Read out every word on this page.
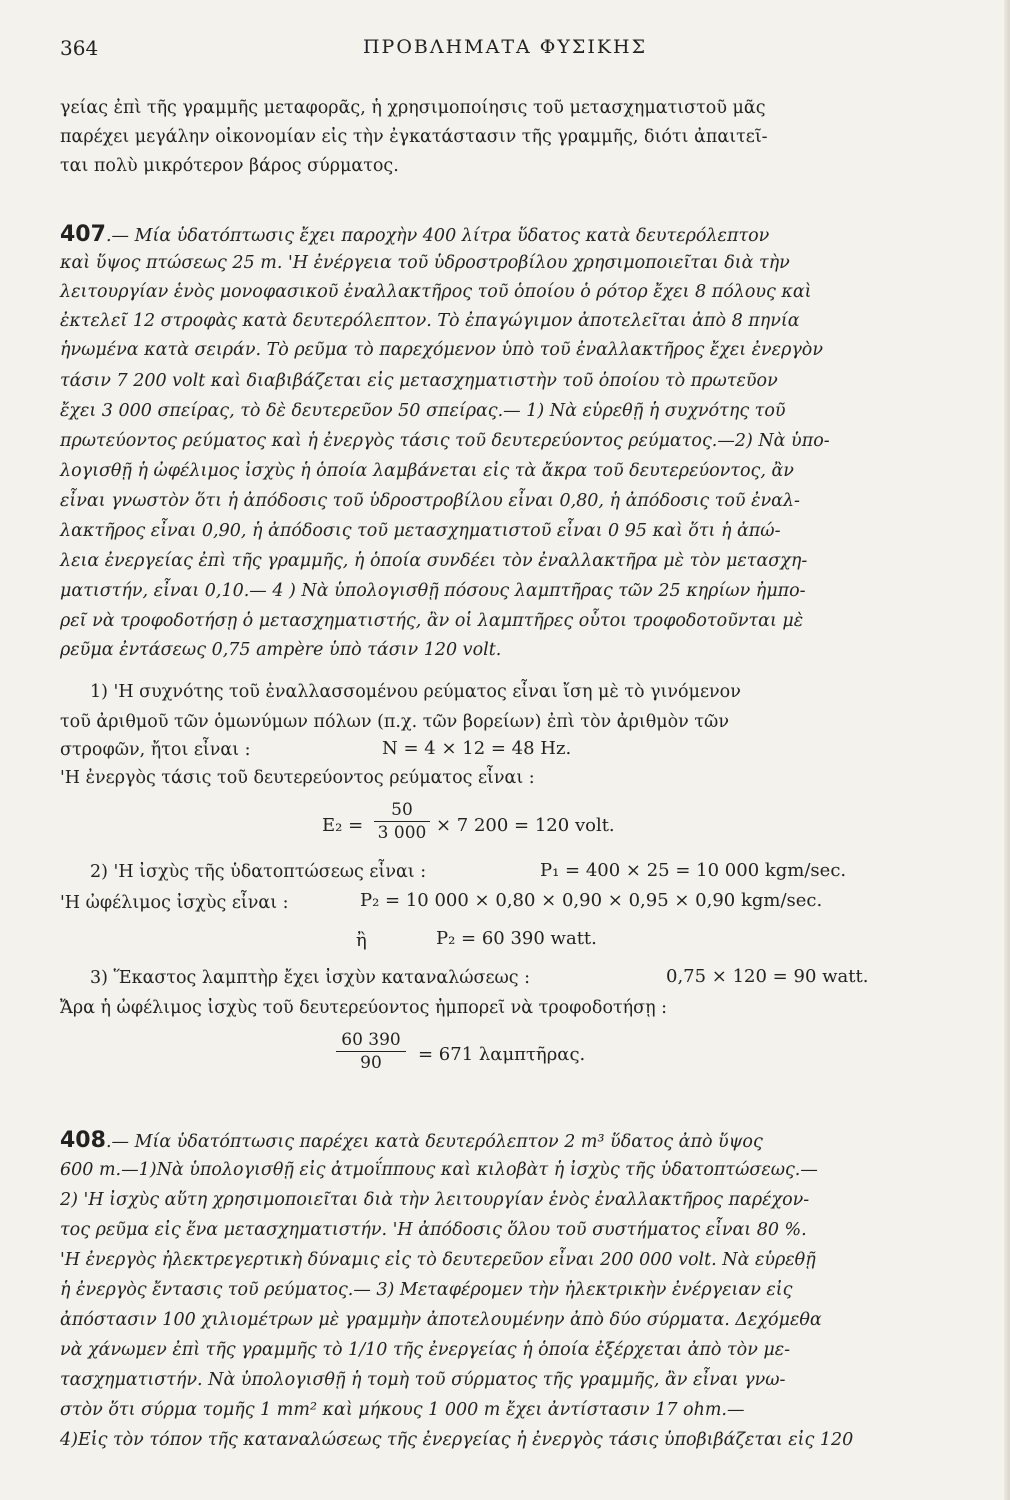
364	ΠΡΟΒΛΗΜΑΤΑ ΦΥΣΙΚΗΣ
γείας ἐπὶ τῆς γραμμῆς μεταφορᾶς, ἡ χρησιμοποίησις τοῦ μετασχηματιστοῦ μᾶς
παρέχει μεγάλην οἰκονομίαν εἰς τὴν ἐγκατάστασιν τῆς γραμμῆς, διότι ἀπαιτεῖ-
ται πολὺ μικρότερον βάρος σύρματος.
407.— Μία ὑδατόπτωσις ἔχει παροχὴν 400 λίτρα ὕδατος κατὰ δευτερόλεπτον
καὶ ὕψος πτώσεως 25 m. 'Η ἐνέργεια τοῦ ὑδροστροβίλου χρησιμοποιεῖται διὰ τὴν
λειτουργίαν ἑνὸς μονοφασικοῦ ἐναλλακτῆρος τοῦ ὁποίου ὁ ρότορ ἔχει 8 πόλους καὶ
ἐκτελεῖ 12 στροφὰς κατὰ δευτερόλεπτον. Τὸ ἐπαγώγιμον ἀποτελεῖται ἀπὸ 8 πηνία
ἡνωμένα κατὰ σειράν. Τὸ ρεῦμα τὸ παρεχόμενον ὑπὸ τοῦ ἐναλλακτῆρος ἔχει ἐνεργὸν
τάσιν 7 200 volt καὶ διαβιβάζεται εἰς μετασχηματιστὴν τοῦ ὁποίου τὸ πρωτεῦον
ἔχει 3 000 σπείρας, τὸ δὲ δευτερεῦον 50 σπείρας.— 1) Νὰ εὑρεθῇ ἡ συχνότης τοῦ
πρωτεύοντος ρεύματος καὶ ἡ ἐνεργὸς τάσις τοῦ δευτερεύοντος ρεύματος.—2) Νὰ ὑπο-
λογισθῇ ἡ ὠφέλιμος ἰσχὺς ἡ ὁποία λαμβάνεται εἰς τὰ ἄκρα τοῦ δευτερεύοντος, ἂν
εἶναι γνωστὸν ὅτι ἡ ἀπόδοσις τοῦ ὑδροστροβίλου εἶναι 0,80, ἡ ἀπόδοσις τοῦ ἐναλ-
λακτῆρος εἶναι 0,90, ἡ ἀπόδοσις τοῦ μετασχηματιστοῦ εἶναι 0 95 καὶ ὅτι ἡ ἀπώ-
λεια ἐνεργείας ἐπὶ τῆς γραμμῆς, ἡ ὁποία συνδέει τὸν ἐναλλακτῆρα μὲ τὸν μετασχη-
ματιστήν, εἶναι 0,10.— 4 ) Νὰ ὑπολογισθῇ πόσους λαμπτῆρας τῶν 25 κηρίων ἠμπο-
ρεῖ νὰ τροφοδοτήσῃ ὁ μετασχηματιστής, ἂν οἱ λαμπτῆρες οὗτοι τροφοδοτοῦνται μὲ
ρεῦμα ἐντάσεως 0,75 ampère ὑπὸ τάσιν 120 volt.
1) 'Η συχνότης τοῦ ἐναλλασσομένου ρεύματος εἶναι ἴση μὲ τὸ γινόμενον
τοῦ ἀριθμοῦ τῶν ὁμωνύμων πόλων (π.χ. τῶν βορείων) ἐπὶ τὸν ἀριθμὸν τῶν
στροφῶν, ἤτοι εἶναι :	N = 4 × 12 = 48 Hz.
'Η ἐνεργὸς τάσις τοῦ δευτερεύοντος ρεύματος εἶναι :
E₂ =
50
3 000 × 7 200 = 120 volt.
2) 'Η ἰσχὺς τῆς ὑδατοπτώσεως εἶναι :	P₁ = 400 × 25 = 10 000 kgm/sec.
'Η ὠφέλιμος ἰσχὺς εἶναι :	P₂ = 10 000 × 0,80 × 0,90 × 0,95 × 0,90 kgm/sec.
ἢ	P₂ = 60 390 watt.
3) Ἕκαστος λαμπτὴρ ἔχει ἰσχὺν καταναλώσεως :	0,75 × 120 = 90 watt.
Ἄρα ἡ ὠφέλιμος ἰσχὺς τοῦ δευτερεύοντος ἠμπορεῖ νὰ τροφοδοτήσῃ :
60 390
90	= 671 λαμπτῆρας.
408.— Μία ὑδατόπτωσις παρέχει κατὰ δευτερόλεπτον 2 m³ ὕδατος ἀπὸ ὕψος
600 m.—1)Νὰ ὑπολογισθῇ εἰς ἀτμοΐππους καὶ κιλοβὰτ ἡ ἰσχὺς τῆς ὑδατοπτώσεως.—
2) 'Η ἰσχὺς αὕτη χρησιμοποιεῖται διὰ τὴν λειτουργίαν ἑνὸς ἐναλλακτῆρος παρέχον-
τος ρεῦμα εἰς ἕνα μετασχηματιστήν. 'Η ἀπόδοσις ὅλου τοῦ συστήματος εἶναι 80 %.
'Η ἐνεργὸς ἠλεκτρεγερτικὴ δύναμις εἰς τὸ δευτερεῦον εἶναι 200 000 volt. Νὰ εὑρεθῇ
ἡ ἐνεργὸς ἔντασις τοῦ ρεύματος.— 3) Μεταφέρομεν τὴν ἠλεκτρικὴν ἐνέργειαν εἰς
ἀπόστασιν 100 χιλιομέτρων μὲ γραμμὴν ἀποτελουμένην ἀπὸ δύο σύρματα. Δεχόμεθα
νὰ χάνωμεν ἐπὶ τῆς γραμμῆς τὸ 1/10 τῆς ἐνεργείας ἡ ὁποία ἐξέρχεται ἀπὸ τὸν με-
τασχηματιστήν. Νὰ ὑπολογισθῇ ἡ τομὴ τοῦ σύρματος τῆς γραμμῆς, ἂν εἶναι γνω-
στὸν ὅτι σύρμα τομῆς 1 mm² καὶ μήκους 1 000 m ἔχει ἀντίστασιν 17 ohm.—
4)Εἰς τὸν τόπον τῆς καταναλώσεως τῆς ἐνεργείας ἡ ἐνεργὸς τάσις ὑποβιβάζεται εἰς 120
